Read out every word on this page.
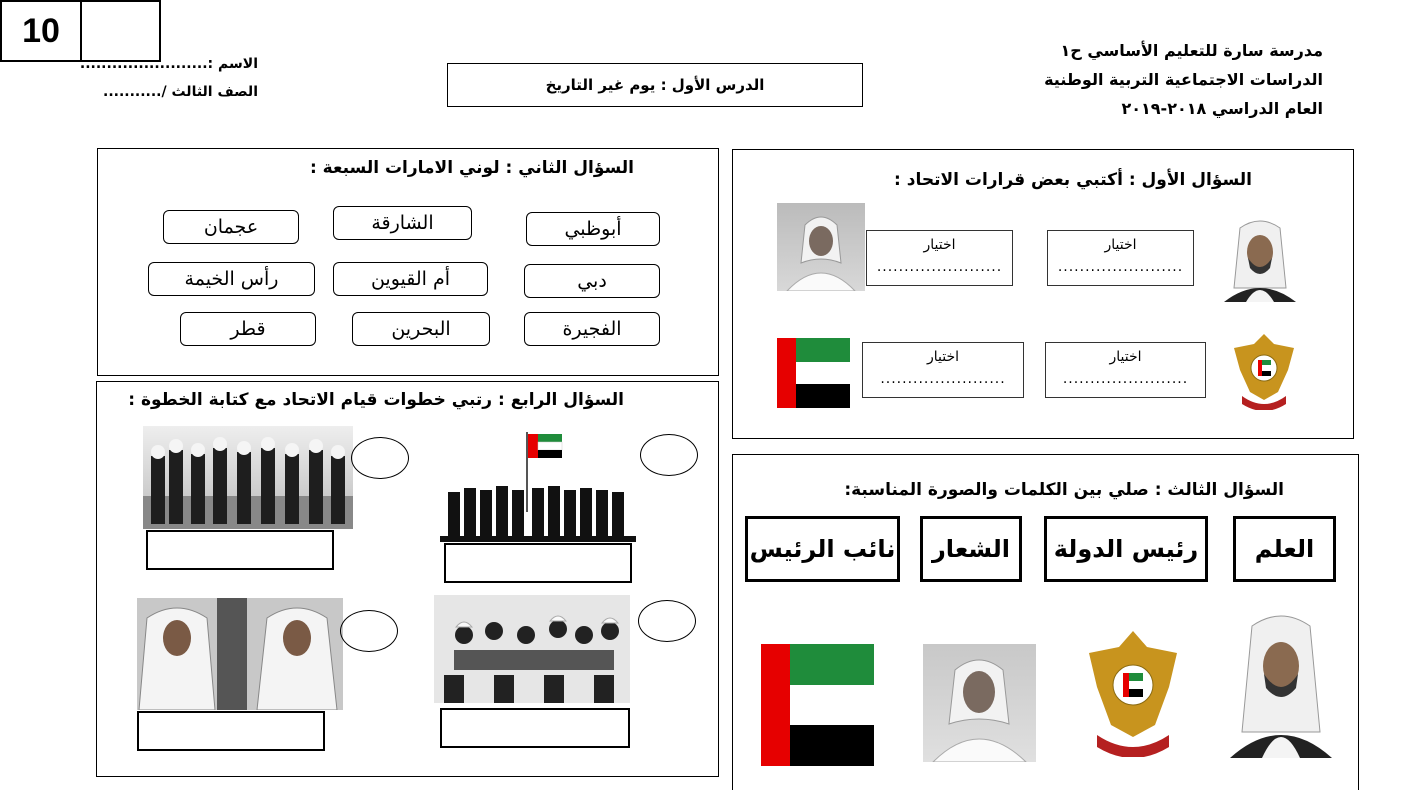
مدرسة سارة للتعليم الأساسي ح١
الدراسات الاجتماعية التربية الوطنية
العام الدراسي ٢٠١٨-٢٠١٩
الاسم :........................
الصف الثالث /...........	الدرس الأول : يوم غير التاريخ
10
السؤال الثاني : لوني الامارات السبعة :
أبوظبي
الشارقة
عجمان
دبي
أم القيوين
رأس الخيمة
الفجيرة
البحرين
قطر
السؤال الأول : أكتبي بعض قرارات الاتحاد :
اختيار
.......................
اختيار
.......................
اختيار
.......................
اختيار
.......................
السؤال الرابع : رتبي خطوات قيام الاتحاد مع كتابة الخطوة :
السؤال الثالث : صلي بين الكلمات والصورة المناسبة:
العلم
رئيس الدولة
الشعار
نائب الرئيس
